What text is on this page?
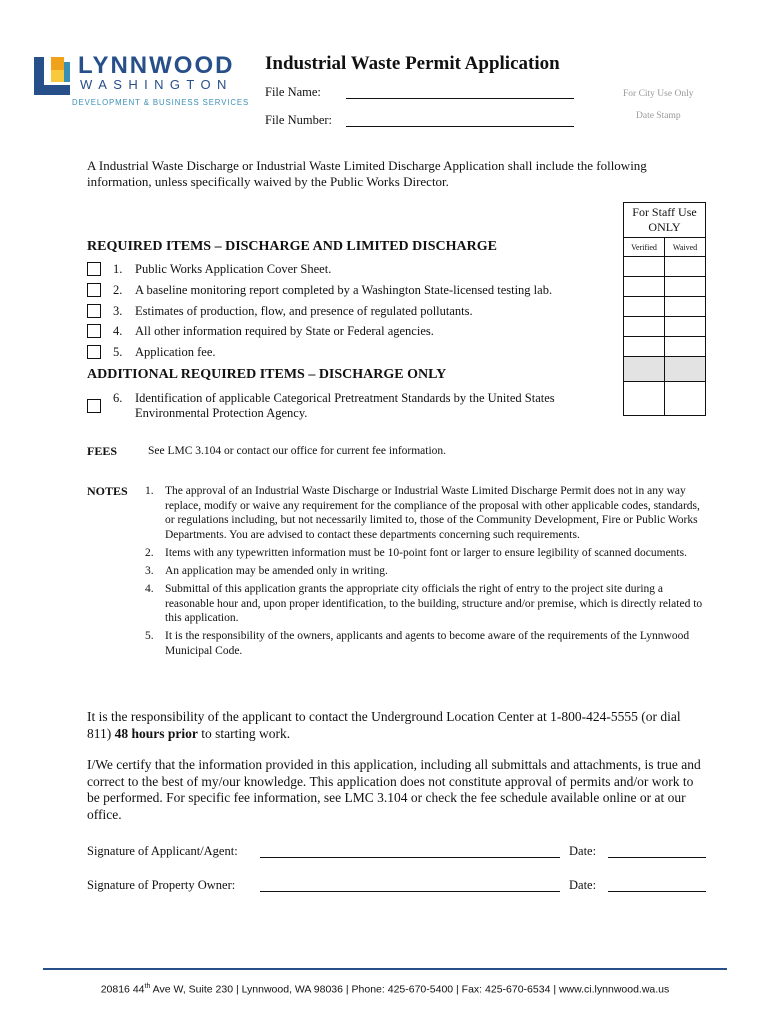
LYNNWOOD
WASHINGTON
DEVELOPMENT & BUSINESS SERVICES
Industrial Waste Permit Application
File Name:
File Number:
For City Use Only
Date Stamp
A Industrial Waste Discharge or Industrial Waste Limited Discharge Application shall include the following information, unless specifically waived by the Public Works Director.
For Staff Use
ONLY	
Verified	Waived

REQUIRED ITEMS – DISCHARGE AND LIMITED DISCHARGE
1. Public Works Application Cover Sheet.
2. A baseline monitoring report completed by a Washington State-licensed testing lab.
3. Estimates of production, flow, and presence of regulated pollutants.
4. All other information required by State or Federal agencies.
5. Application fee.
ADDITIONAL REQUIRED ITEMS – DISCHARGE ONLY
6. Identification of applicable Categorical Pretreatment Standards by the United States
Environmental Protection Agency.
FEES	See LMC 3.104 or contact our office for current fee information.
NOTES 1. The approval of an Industrial Waste Discharge or Industrial Waste Limited Discharge Permit does not in any way replace, modify or waive any requirement for the compliance of the proposal with other applicable codes, standards, or regulations including, but not necessarily limited to, those of the Community Development, Fire or Public Works Departments. You are advised to contact these departments concerning such requirements.
2. Items with any typewritten information must be 10-point font or larger to ensure legibility of scanned documents.
3. An application may be amended only in writing.
4. Submittal of this application grants the appropriate city officials the right of entry to the project site during a reasonable hour and, upon proper identification, to the building, structure and/or premise, which is directly related to this application.
5. It is the responsibility of the owners, applicants and agents to become aware of the requirements of the Lynnwood Municipal Code.
It is the responsibility of the applicant to contact the Underground Location Center at 1-800-424-5555 (or dial 811) 48 hours prior to starting work.
I/We certify that the information provided in this application, including all submittals and attachments, is true and correct to the best of my/our knowledge. This application does not constitute approval of permits and/or work to be performed. For specific fee information, see LMC 3.104 or check the fee schedule available online or at our office.
Signature of Applicant/Agent:	Date:
Signature of Property Owner:	Date:
20816 44th Ave W, Suite 230 | Lynnwood, WA 98036 | Phone: 425-670-5400 | Fax: 425-670-6534 | www.ci.lynnwood.wa.us
